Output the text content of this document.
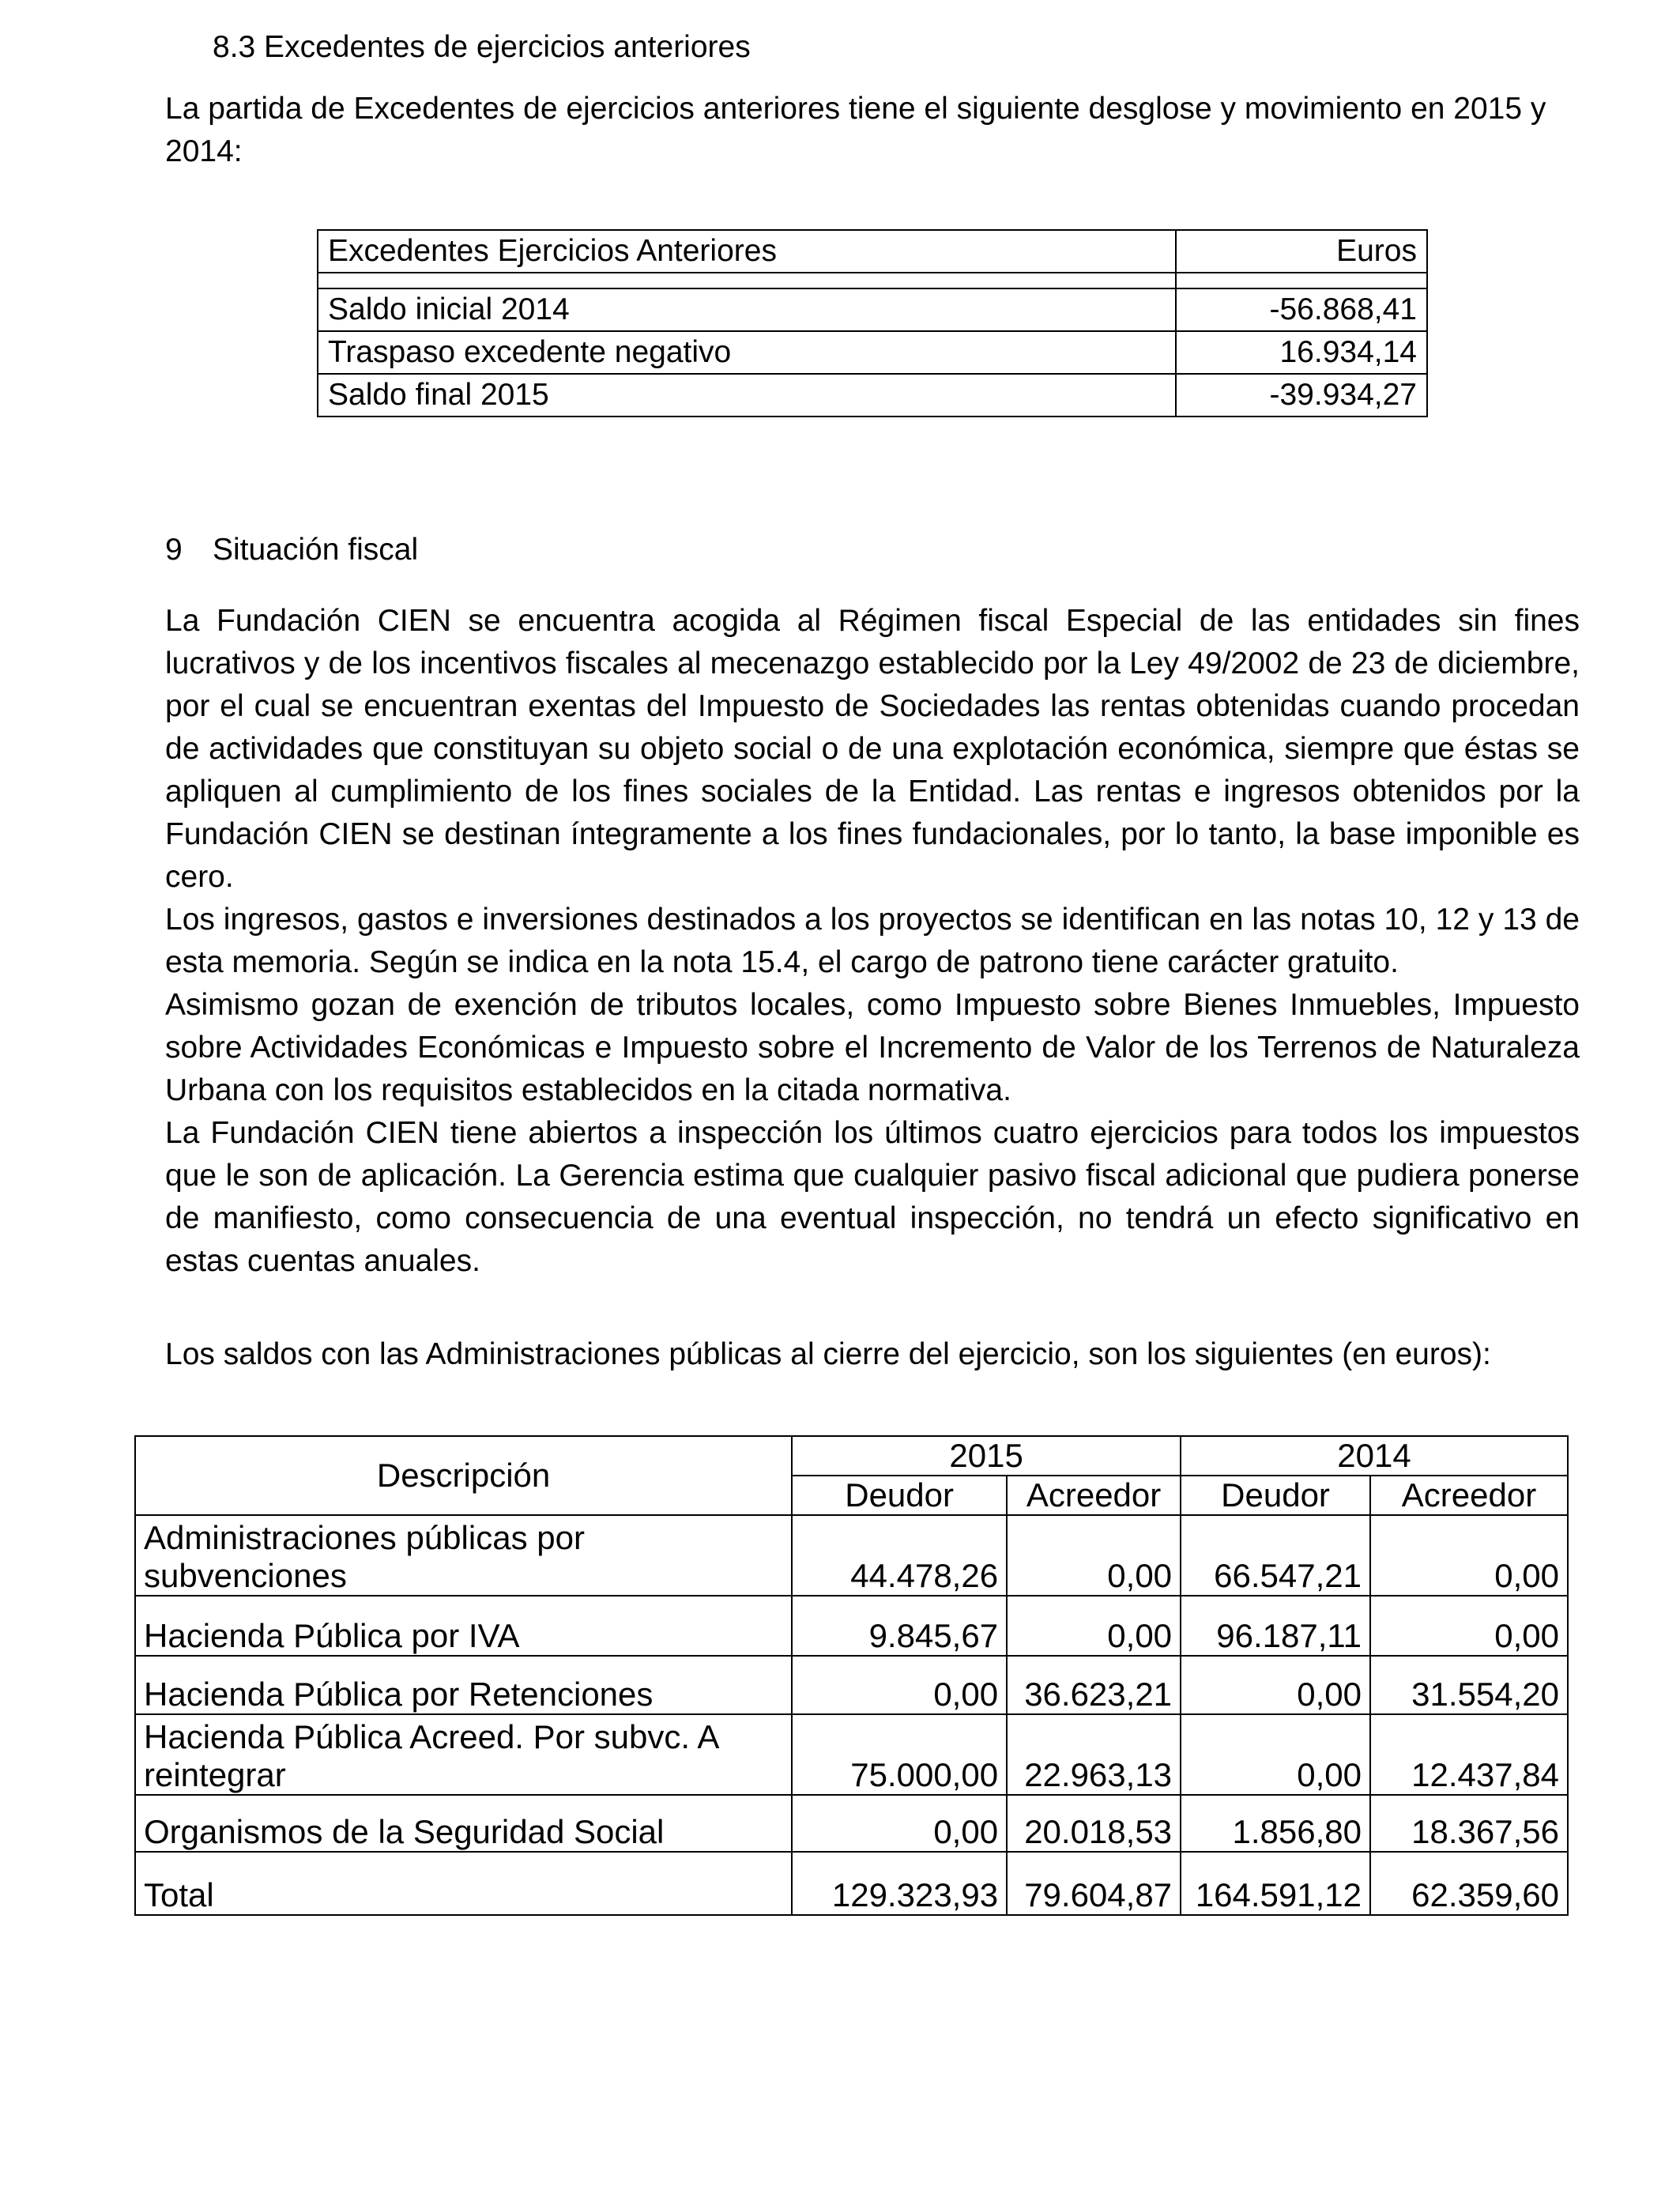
8.3 Excedentes de ejercicios anteriores

La partida de Excedentes de ejercicios anteriores tiene el siguiente desglose y movimiento en 2015 y 2014:

Excedentes Ejercicios Anteriores	Euros

Saldo inicial 2014	-56.868,41
Traspaso excedente negativo	16.934,14
Saldo final 2015	-39.934,27
9 Situación fiscal

La Fundación CIEN se encuentra acogida al Régimen fiscal Especial de las entidades sin fines lucrativos y de los incentivos fiscales al mecenazgo establecido por la Ley 49/2002 de 23 de diciembre, por el cual se encuentran exentas del Impuesto de Sociedades las rentas obtenidas cuando procedan de actividades que constituyan su objeto social o de una explotación económica, siempre que éstas se apliquen al cumplimiento de los fines sociales de la Entidad. Las rentas e ingresos obtenidos por la Fundación CIEN se destinan íntegramente a los fines fundacionales, por lo tanto, la base imponible es cero.

Los ingresos, gastos e inversiones destinados a los proyectos se identifican en las notas 10, 12 y 13 de esta memoria. Según se indica en la nota 15.4, el cargo de patrono tiene carácter gratuito.

Asimismo gozan de exención de tributos locales, como Impuesto sobre Bienes Inmuebles, Impuesto sobre Actividades Económicas e Impuesto sobre el Incremento de Valor de los Terrenos de Naturaleza Urbana con los requisitos establecidos en la citada normativa.

La Fundación CIEN tiene abiertos a inspección los últimos cuatro ejercicios para todos los impuestos que le son de aplicación. La Gerencia estima que cualquier pasivo fiscal adicional que pudiera ponerse de manifiesto, como consecuencia de una eventual inspección, no tendrá un efecto significativo en estas cuentas anuales.

Los saldos con las Administraciones públicas al cierre del ejercicio, son los siguientes (en euros):

Descripción	2015		2014	
	Deudor	Acreedor	Deudor	Acreedor
Administraciones públicas por subvenciones	44.478,26	0,00	66.547,21	0,00
Hacienda Pública por IVA	9.845,67	0,00	96.187,11	0,00
Hacienda Pública por Retenciones	0,00	36.623,21	0,00	31.554,20
Hacienda Pública Acreed. Por subvc. A reintegrar	75.000,00	22.963,13	0,00	12.437,84
Organismos de la Seguridad Social	0,00	20.018,53	1.856,80	18.367,56
Total	129.323,93	79.604,87	164.591,12	62.359,60
